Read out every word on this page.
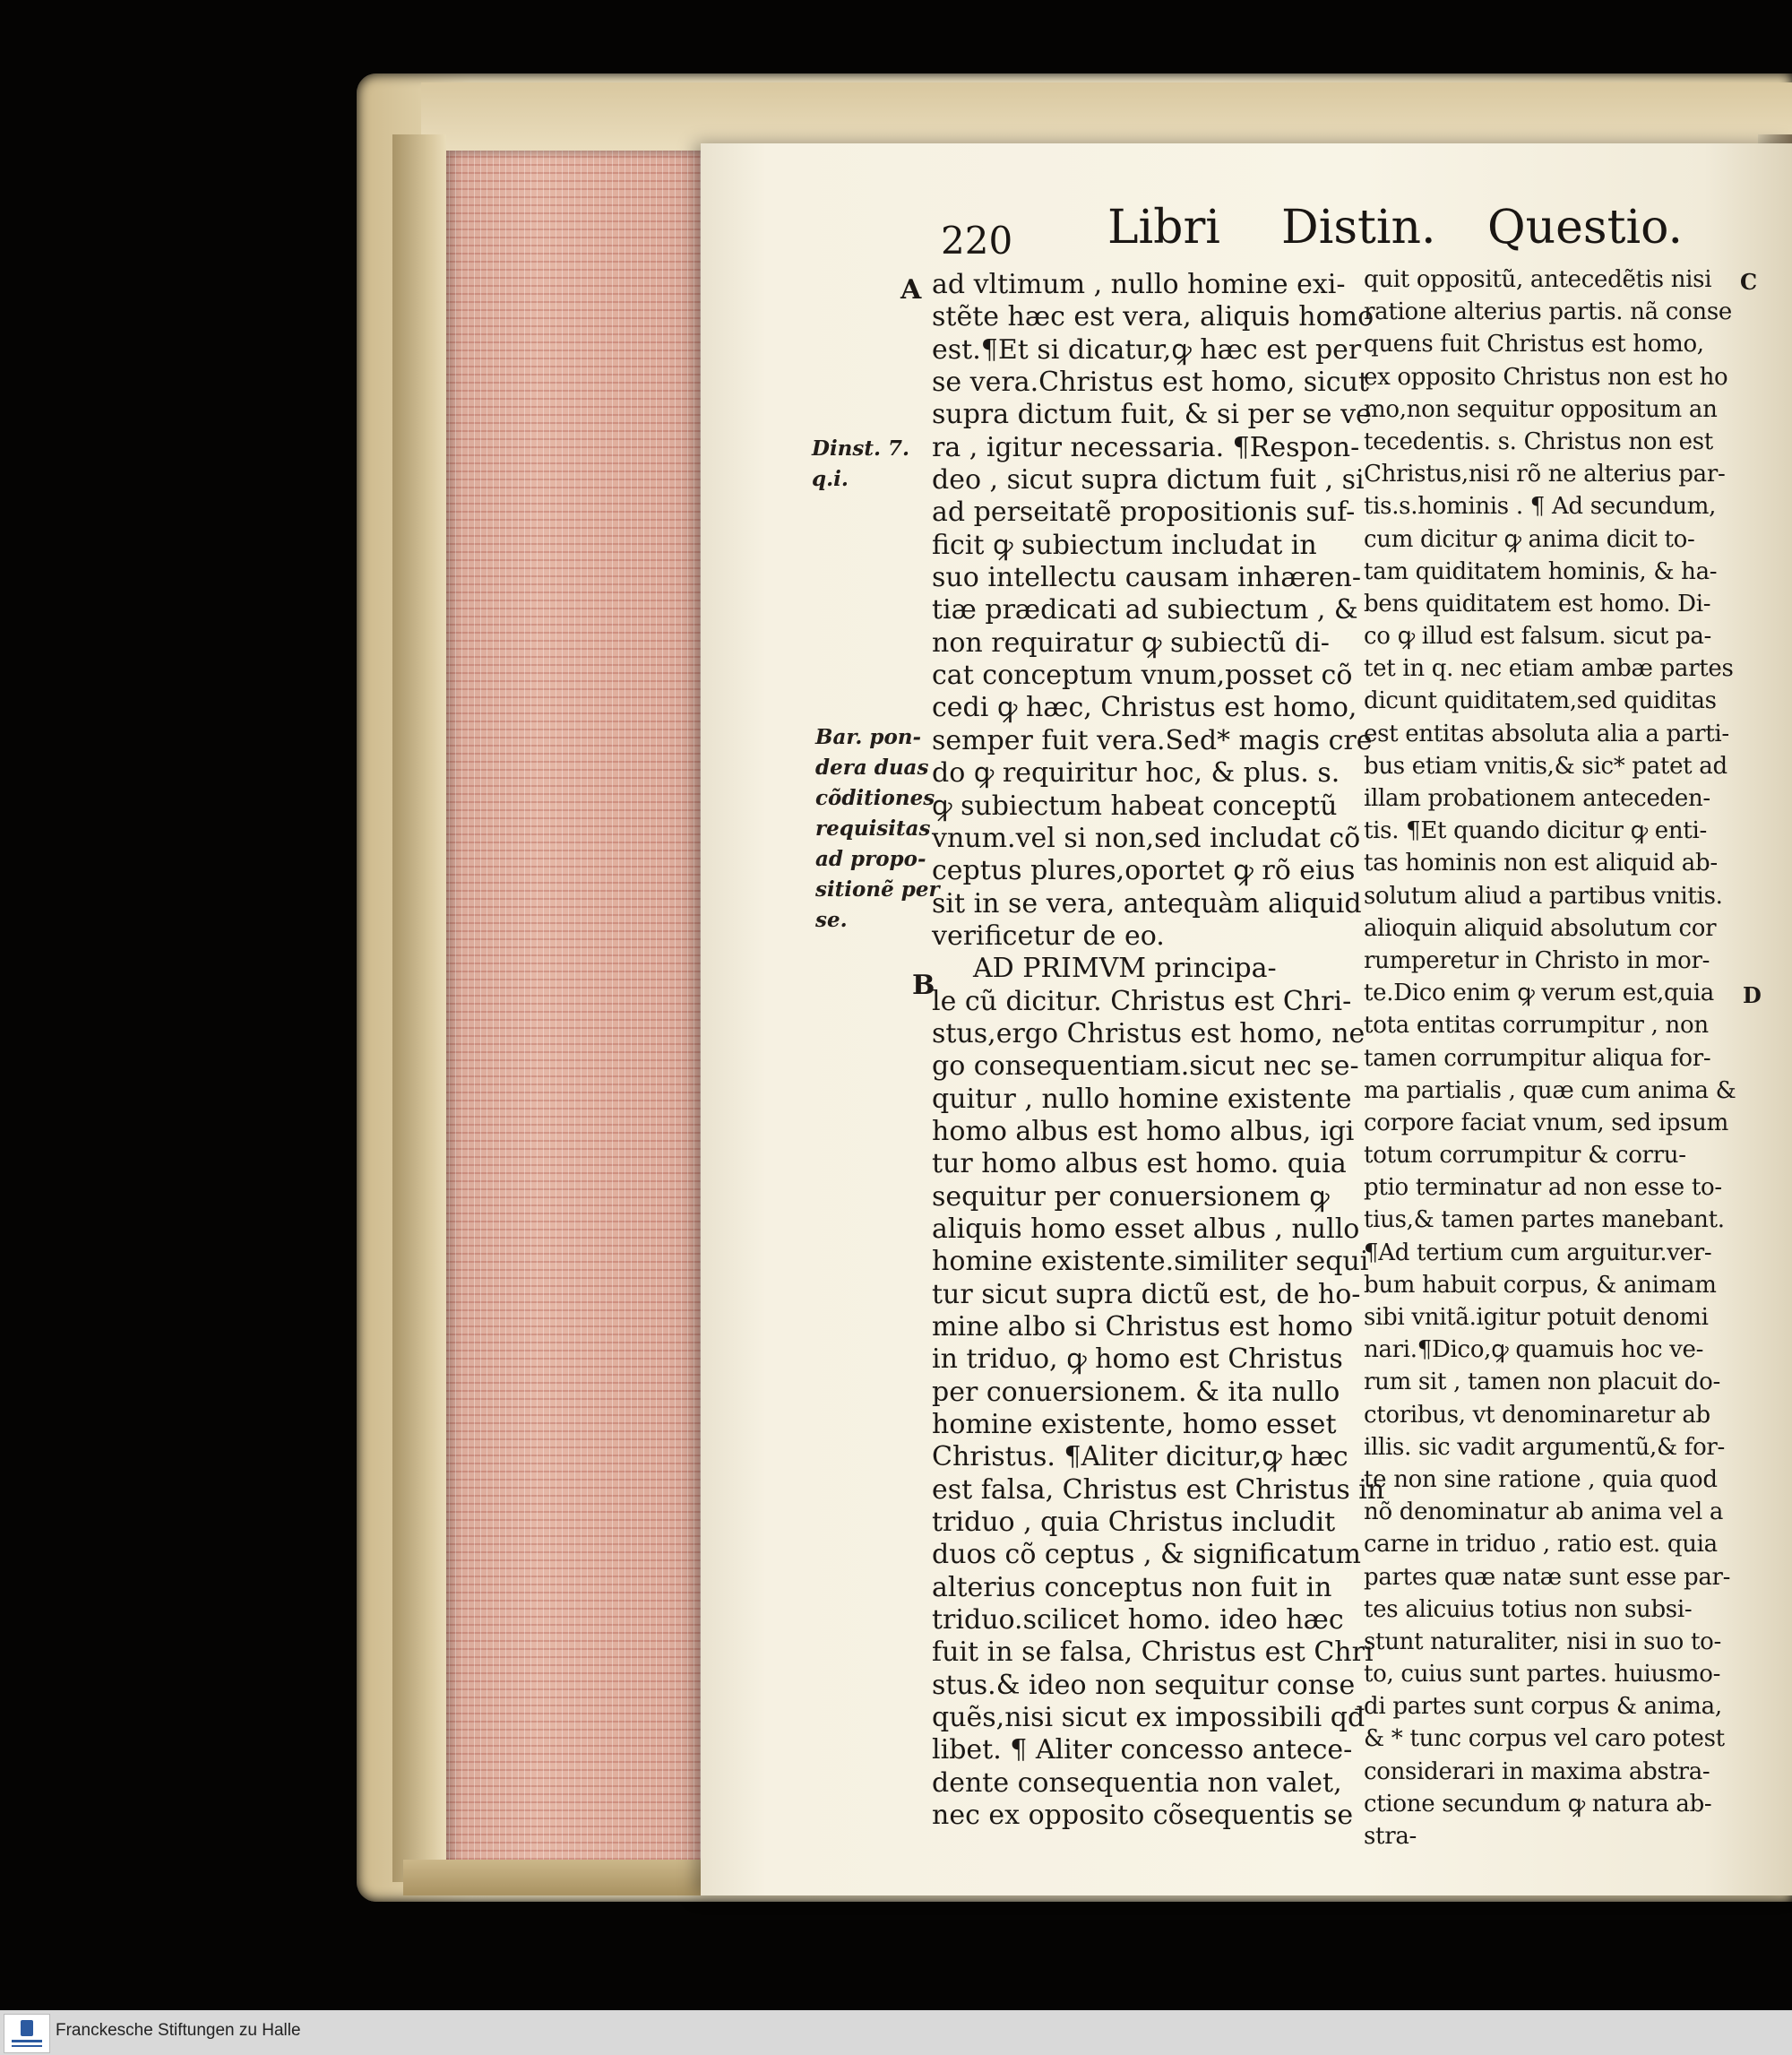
220 Libri Distin. Questio.
A
B
C
D
Dinst. 7.
q.i.
Bar. pon-
dera duas
cõditiones
requisitas
ad propo-
sitionẽ per
se.
ad vltimum , nullo homine exi-
stẽte hæc est vera, aliquis homo
est.¶Et si dicatur,ꝙ hæc est per
se vera.Christus est homo, sicut
supra dictum fuit, & si per se ve
ra , igitur necessaria. ¶Respon-
deo , sicut supra dictum fuit , si
ad perseitatẽ propositionis suf-
ficit ꝙ subiectum includat in
suo intellectu causam inhæren-
tiæ prædicati ad subiectum , &
non requiratur ꝙ subiectũ di-
cat conceptum vnum,posset cõ
cedi ꝙ hæc, Christus est homo,
semper fuit vera.Sed* magis cre
do ꝙ requiritur hoc, & plus. s.
ꝙ subiectum habeat conceptũ
vnum.vel si non,sed includat cõ
ceptus plures,oportet ꝙ rõ eius
sit in se vera, antequàm aliquid
verificetur de eo.
AD PRIMVM principa-
le cũ dicitur. Christus est Chri-
stus,ergo Christus est homo, ne
go consequentiam.sicut nec se-
quitur , nullo homine existente
homo albus est homo albus, igi
tur homo albus est homo. quia
sequitur per conuersionem ꝙ
aliquis homo esset albus , nullo
homine existente.similiter sequi
tur sicut supra dictũ est, de ho-
mine albo si Christus est homo
in triduo, ꝙ homo est Christus
per conuersionem. & ita nullo
homine existente, homo esset
Christus. ¶Aliter dicitur,ꝙ hæc
est falsa, Christus est Christus in
triduo , quia Christus includit
duos cõ ceptus , & significatum
alterius conceptus non fuit in
triduo.scilicet homo. ideo hæc
fuit in se falsa, Christus est Chri
stus.& ideo non sequitur conse
quẽs,nisi sicut ex impossibili qđ
libet. ¶ Aliter concesso antece-
dente consequentia non valet,
nec ex opposito cõsequentis se
quit oppositũ, antecedẽtis nisi
ratione alterius partis. nã conse
quens fuit Christus est homo,
ex opposito Christus non est ho
mo,non sequitur oppositum an
tecedentis. s. Christus non est
Christus,nisi rõ ne alterius par-
tis.s.hominis . ¶ Ad secundum,
cum dicitur ꝙ anima dicit to-
tam quiditatem hominis, & ha-
bens quiditatem est homo. Di-
co ꝙ illud est falsum. sicut pa-
tet in q. nec etiam ambæ partes
dicunt quiditatem,sed quiditas
est entitas absoluta alia a parti-
bus etiam vnitis,& sic* patet ad
illam probationem anteceden-
tis. ¶Et quando dicitur ꝙ enti-
tas hominis non est aliquid ab-
solutum aliud a partibus vnitis.
alioquin aliquid absolutum cor
rumperetur in Christo in mor-
te.Dico enim ꝙ verum est,quia
tota entitas corrumpitur , non
tamen corrumpitur aliqua for-
ma partialis , quæ cum anima &
corpore faciat vnum, sed ipsum
totum corrumpitur & corru-
ptio terminatur ad non esse to-
tius,& tamen partes manebant.
¶Ad tertium cum arguitur.ver-
bum habuit corpus, & animam
sibi vnitã.igitur potuit denomi
nari.¶Dico,ꝙ quamuis hoc ve-
rum sit , tamen non placuit do-
ctoribus, vt denominaretur ab
illis. sic vadit argumentũ,& for-
te non sine ratione , quia quod
nõ denominatur ab anima vel a
carne in triduo , ratio est. quia
partes quæ natæ sunt esse par-
tes alicuius totius non subsi-
stunt naturaliter, nisi in suo to-
to, cuius sunt partes. huiusmo-
di partes sunt corpus & anima,
& * tunc corpus vel caro potest
considerari in maxima abstra-
ctione secundum ꝙ natura ab-
stra-
Franckesche Stiftungen zu Halle
